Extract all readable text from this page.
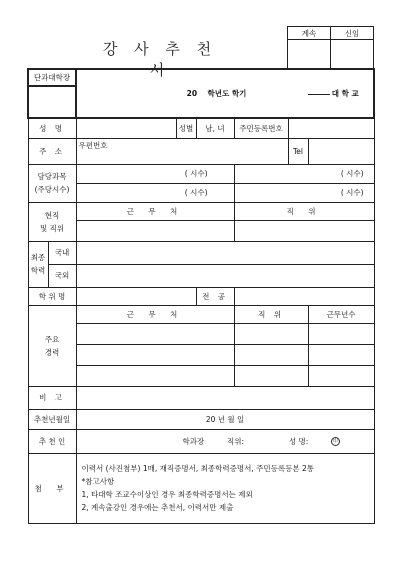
강 사 추 천 서
계속	신임

단과대학장		20 학년도 학기 대 학 교					

성 명			성별	남, 녀	주민등록번호		
주 소		우편번호				Tel	
담당과목
(주당시수)		( 시수)			( 시수)		
		( 시수)			( 시수)		
현직
및 직위		근 무 처			직 위		

최종
학력	국내						
	국외						
학 위 명				전 공			
주요
경력		근 무 처			직 위		근무년수

비 고							
추천년월일		20 년 월 일					
추 천 인		학과장 직위: 성 명: 印					
첨 부		이력서 (사진첨부) 1매, 재직증명서, 최종학력증명서, 주민등록등본 2통
*참고사항
1, 타대학 조교수이상인 경우 최종학력증명서는 제외
2, 계속출강인 경우에는 추천서, 이력서만 제출					
